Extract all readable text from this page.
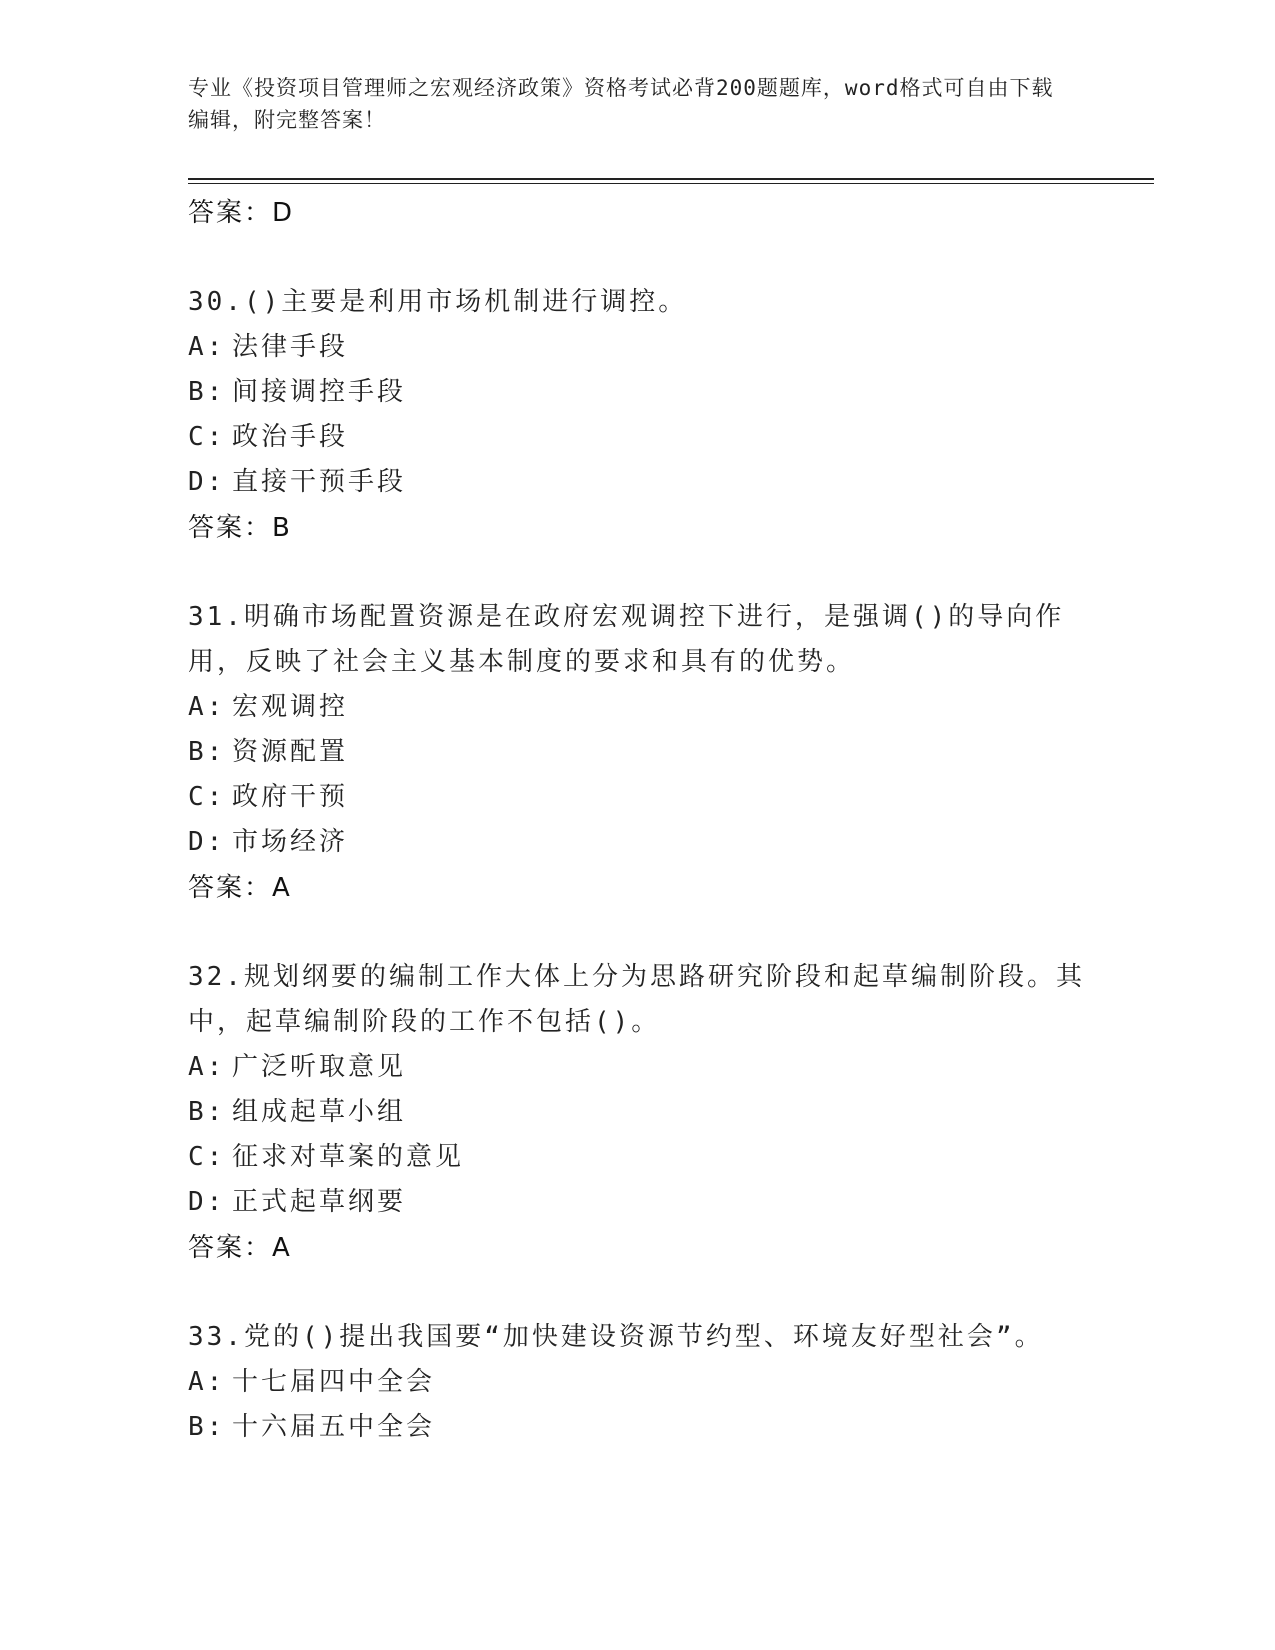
专业《投资项目管理师之宏观经济政策》资格考试必背200题题库，word格式可自由下载编辑，附完整答案！
答案：D
30.()主要是利用市场机制进行调控。
A: 法律手段
B: 间接调控手段
C: 政治手段
D: 直接干预手段
答案：B
31.明确市场配置资源是在政府宏观调控下进行，是强调()的导向作用，反映了社会主义基本制度的要求和具有的优势。
A: 宏观调控
B: 资源配置
C: 政府干预
D: 市场经济
答案：A
32.规划纲要的编制工作大体上分为思路研究阶段和起草编制阶段。其中，起草编制阶段的工作不包括()。
A: 广泛听取意见
B: 组成起草小组
C: 征求对草案的意见
D: 正式起草纲要
答案：A
33.党的()提出我国要“加快建设资源节约型、环境友好型社会”。
A: 十七届四中全会
B: 十六届五中全会
